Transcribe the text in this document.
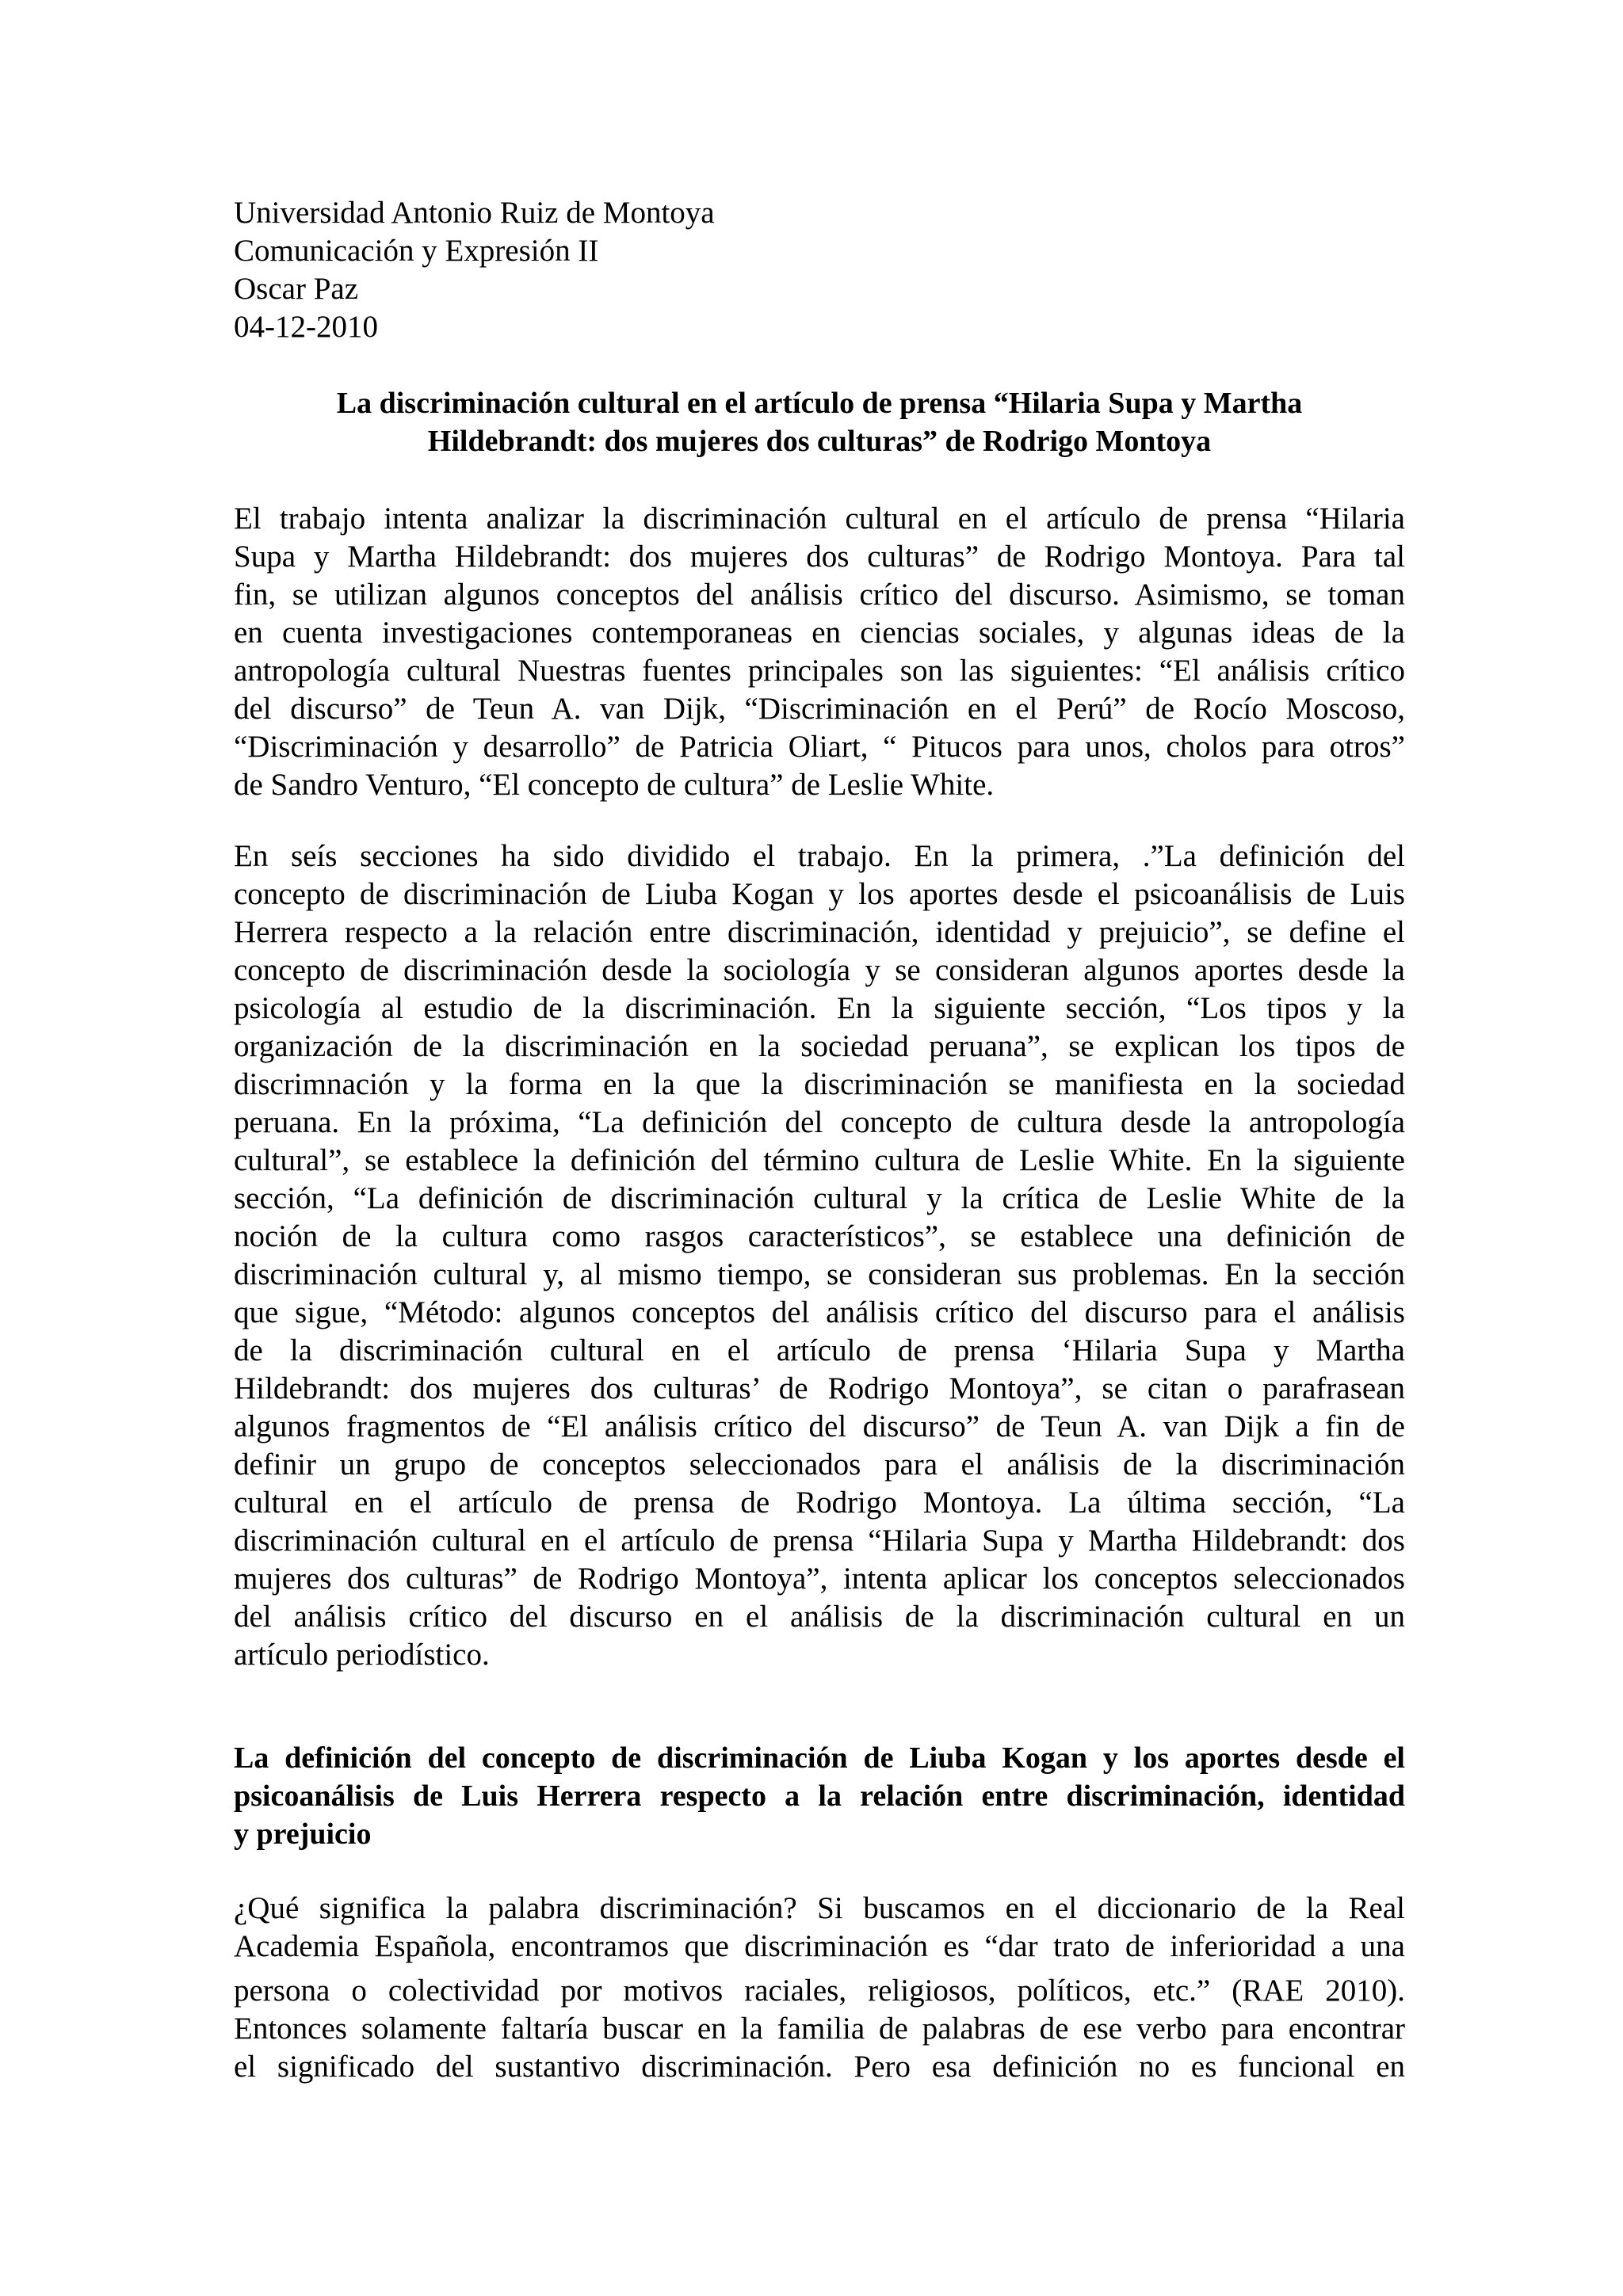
Universidad Antonio Ruiz de Montoya
Comunicación y Expresión II
Oscar Paz
04-12-2010
La discriminación cultural en el artículo de prensa “Hilaria Supa y Martha
Hildebrandt: dos mujeres dos culturas” de Rodrigo Montoya

El trabajo intenta analizar la discriminación cultural en el artículo de prensa “Hilaria
Supa y Martha Hildebrandt: dos mujeres dos culturas” de Rodrigo Montoya. Para tal
fin, se utilizan algunos conceptos del análisis crítico del discurso. Asimismo, se toman
en cuenta investigaciones contemporaneas en ciencias sociales, y algunas ideas de la
antropología cultural Nuestras fuentes principales son las siguientes: “El análisis crítico
del discurso” de Teun A. van Dijk, “Discriminación en el Perú” de Rocío Moscoso,
“Discriminación y desarrollo” de Patricia Oliart, “ Pitucos para unos, cholos para otros”
de Sandro Venturo, “El concepto de cultura” de Leslie White.

En seís secciones ha sido dividido el trabajo. En la primera, .”La definición del
concepto de discriminación de Liuba Kogan y los aportes desde el psicoanálisis de Luis
Herrera respecto a la relación entre discriminación, identidad y prejuicio”, se define el
concepto de discriminación desde la sociología y se consideran algunos aportes desde la
psicología al estudio de la discriminación. En la siguiente sección, “Los tipos y la
organización de la discriminación en la sociedad peruana”, se explican los tipos de
discrimnación y la forma en la que la discriminación se manifiesta en la sociedad
peruana. En la próxima, “La definición del concepto de cultura desde la antropología
cultural”, se establece la definición del término cultura de Leslie White. En la siguiente
sección, “La definición de discriminación cultural y la crítica de Leslie White de la
noción de la cultura como rasgos característicos”, se establece una definición de
discriminación cultural y, al mismo tiempo, se consideran sus problemas. En la sección
que sigue, “Método: algunos conceptos del análisis crítico del discurso para el análisis
de la discriminación cultural en el artículo de prensa ‘Hilaria Supa y Martha
Hildebrandt: dos mujeres dos culturas’ de Rodrigo Montoya”, se citan o parafrasean
algunos fragmentos de “El análisis crítico del discurso” de Teun A. van Dijk a fin de
definir un grupo de conceptos seleccionados para el análisis de la discriminación
cultural en el artículo de prensa de Rodrigo Montoya. La última sección, “La
discriminación cultural en el artículo de prensa “Hilaria Supa y Martha Hildebrandt: dos
mujeres dos culturas” de Rodrigo Montoya”, intenta aplicar los conceptos seleccionados
del análisis crítico del discurso en el análisis de la discriminación cultural en un
artículo periodístico.

La definición del concepto de discriminación de Liuba Kogan y los aportes desde el
psicoanálisis de Luis Herrera respecto a la relación entre discriminación, identidad
y prejuicio

¿Qué significa la palabra discriminación? Si buscamos en el diccionario de la Real
Academia Española, encontramos que discriminación es “dar trato de inferioridad a una
persona o colectividad por motivos raciales, religiosos, políticos, etc.” (RAE 2010).
Entonces solamente faltaría buscar en la familia de palabras de ese verbo para encontrar
el significado del sustantivo discriminación. Pero esa definición no es funcional en
